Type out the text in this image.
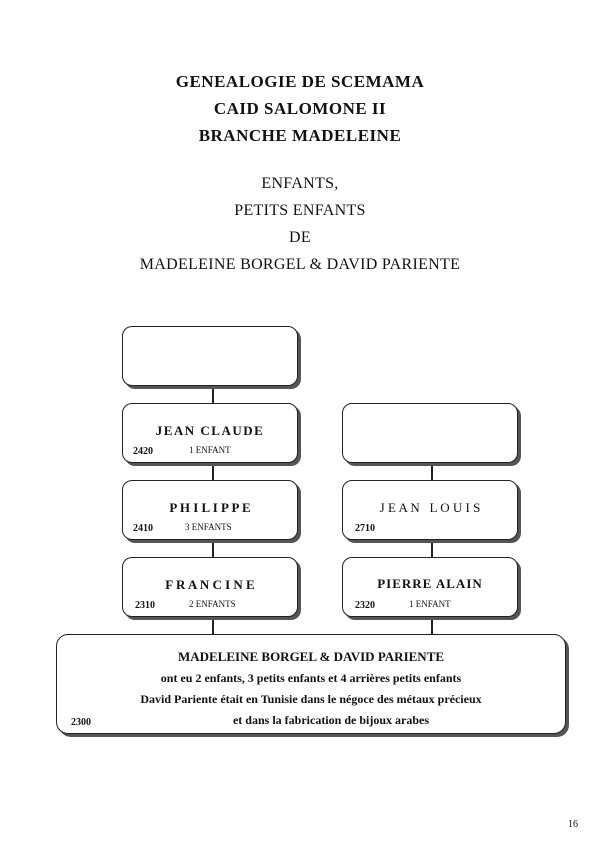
GENEALOGIE DE SCEMAMA
CAID SALOMONE II
BRANCHE MADELEINE
ENFANTS,
PETITS ENFANTS
DE
MADELEINE BORGEL & DAVID PARIENTE
JEAN CLAUDE
2420	1 ENFANT
P H I L I P P E
2410	3 ENFANTS
F R A N C I N E
2310	2 ENFANTS
J E A N   L O U I S
2710
PIERRE ALAIN
2320	1 ENFANT
MADELEINE BORGEL & DAVID PARIENTE
ont eu 2 enfants, 3 petits enfants et 4 arrières petits enfants
David Pariente était en Tunisie dans le négoce des métaux précieux
et dans la fabrication de bijoux arabes
2300
16
